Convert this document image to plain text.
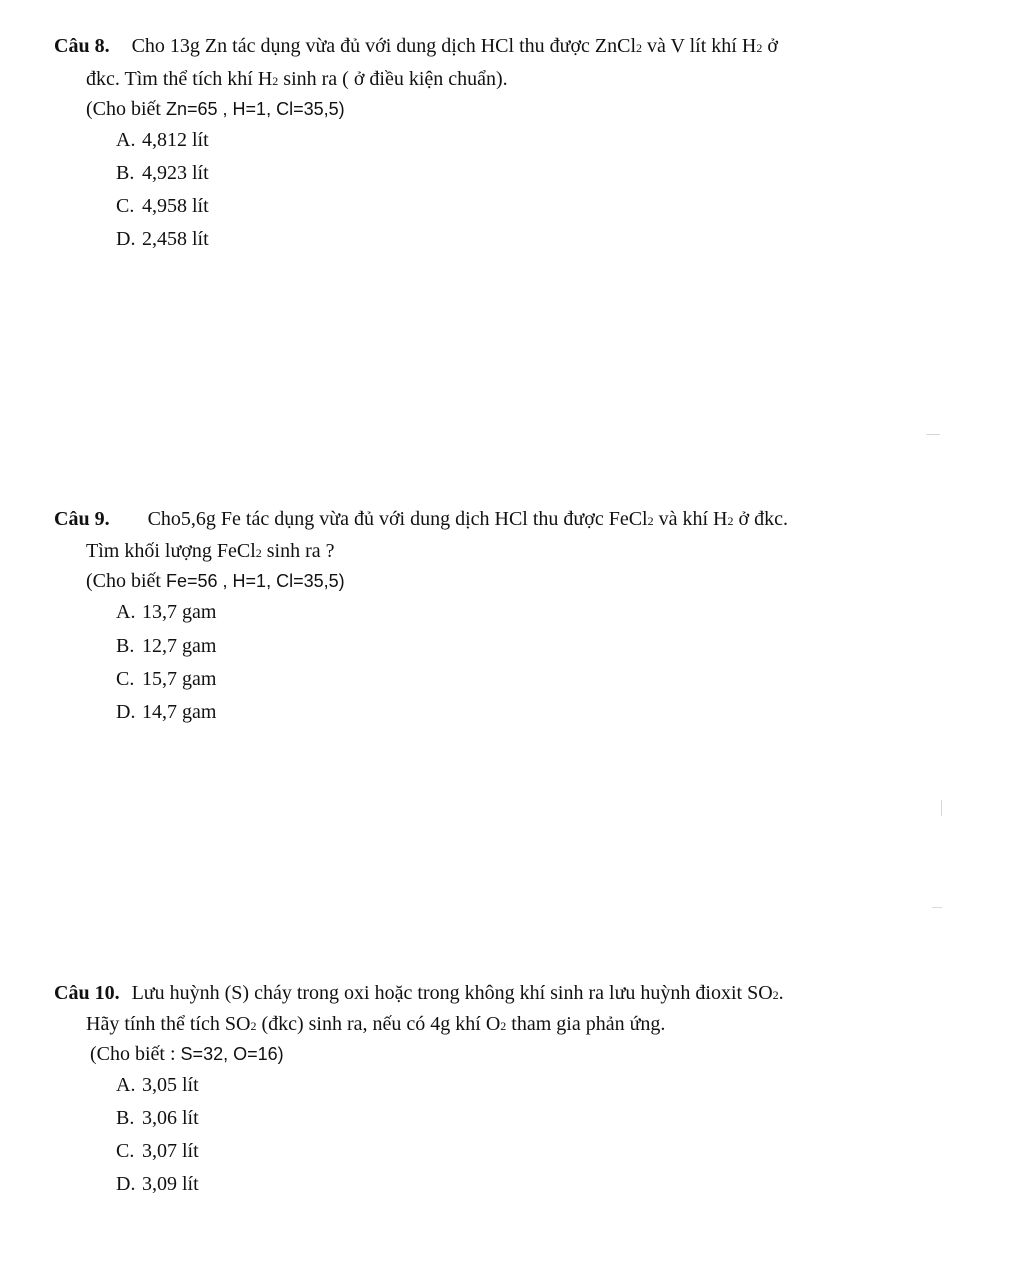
Câu 8. Cho 13g Zn tác dụng vừa đủ với dung dịch HCl thu được ZnCl2 và V lít khí H2 ở
đkc. Tìm thể tích khí H2 sinh ra ( ở điều kiện chuẩn).
(Cho biết Zn=65 , H=1, Cl=35,5)
A. 4,812 lít
B. 4,923 lít
C. 4,958 lít
D. 2,458 lít
Câu 9. Cho5,6g Fe tác dụng vừa đủ với dung dịch HCl thu được FeCl2 và khí H2 ở đkc.
Tìm khối lượng FeCl2 sinh ra ?
(Cho biết Fe=56 , H=1, Cl=35,5)
A. 13,7 gam
B. 12,7 gam
C. 15,7 gam
D. 14,7 gam
Câu 10. Lưu huỳnh (S) cháy trong oxi hoặc trong không khí sinh ra lưu huỳnh đioxit SO2.
Hãy tính thể tích SO2 (đkc) sinh ra, nếu có 4g khí O2 tham gia phản ứng.
(Cho biết : S=32, O=16)
A. 3,05 lít
B. 3,06 lít
C. 3,07 lít
D. 3,09 lít
